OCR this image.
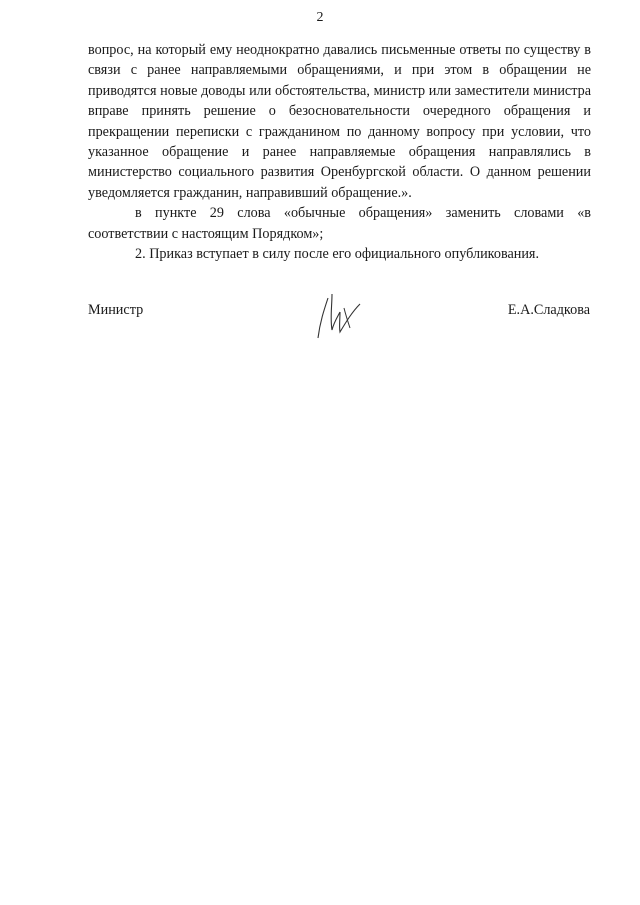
2

вопрос, на который ему неоднократно давались письменные ответы по существу в связи с ранее направляемыми обращениями, и при этом в обращении не приводятся новые доводы или обстоятельства, министр или заместители министра вправе принять решение о безосновательности очередного обращения и прекращении переписки с гражданином по данному вопросу при условии, что указанное обращение и ранее направляемые обращения направлялись в министерство социального развития Оренбургской области. О данном решении уведомляется гражданин, направивший обращение.».

в пункте 29 слова «обычные обращения» заменить словами «в соответствии с настоящим Порядком»;

2. Приказ вступает в силу после его официального опубликования.

Министр	Е.А.Сладкова
